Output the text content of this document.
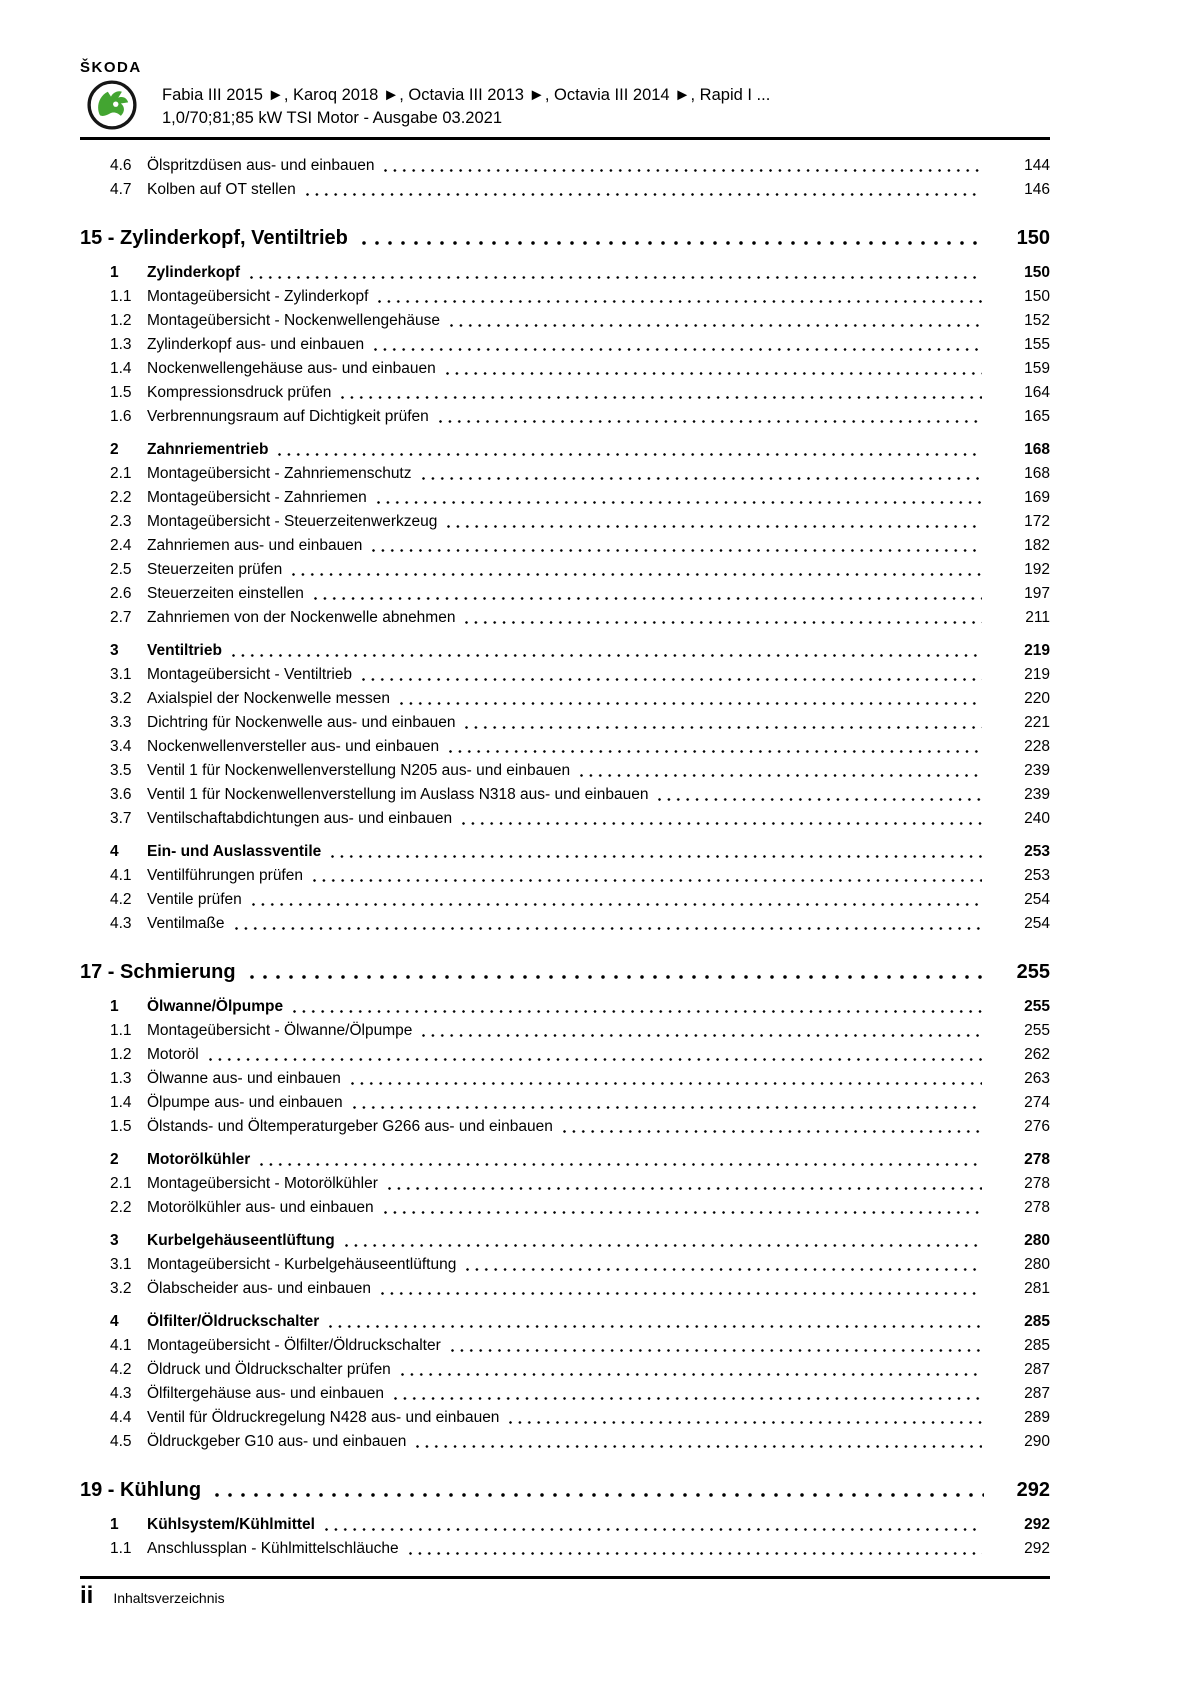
ŠKODA
Fabia III 2015 ►, Karoq 2018 ►, Octavia III 2013 ►, Octavia III 2014 ►, Rapid I ...
1,0/70;81;85 kW TSI Motor - Ausgabe 03.2021
4.6 Ölspritzdüsen aus- und einbauen	144
4.7 Kolben auf OT stellen	146
15 - Zylinderkopf, Ventiltrieb	150
1	Zylinderkopf	150
1.1 Montageübersicht - Zylinderkopf	150
1.2 Montageübersicht - Nockenwellengehäuse	152
1.3 Zylinderkopf aus- und einbauen	155
1.4 Nockenwellengehäuse aus- und einbauen	159
1.5 Kompressionsdruck prüfen	164
1.6 Verbrennungsraum auf Dichtigkeit prüfen	165
2	Zahnriementrieb	168
2.1 Montageübersicht - Zahnriemenschutz	168
2.2 Montageübersicht - Zahnriemen	169
2.3 Montageübersicht - Steuerzeitenwerkzeug	172
2.4 Zahnriemen aus- und einbauen	182
2.5 Steuerzeiten prüfen	192
2.6 Steuerzeiten einstellen	197
2.7 Zahnriemen von der Nockenwelle abnehmen	211
3	Ventiltrieb	219
3.1 Montageübersicht - Ventiltrieb	219
3.2 Axialspiel der Nockenwelle messen	220
3.3 Dichtring für Nockenwelle aus- und einbauen	221
3.4 Nockenwellenversteller aus- und einbauen	228
3.5 Ventil 1 für Nockenwellenverstellung N205 aus- und einbauen	239
3.6 Ventil 1 für Nockenwellenverstellung im Auslass N318 aus- und einbauen	239
3.7 Ventilschaftabdichtungen aus- und einbauen	240
4	Ein- und Auslassventile	253
4.1 Ventilführungen prüfen	253
4.2 Ventile prüfen	254
4.3 Ventilmaße	254
17 - Schmierung	255
1	Ölwanne/Ölpumpe	255
1.1 Montageübersicht - Ölwanne/Ölpumpe	255
1.2 Motoröl	262
1.3 Ölwanne aus- und einbauen	263
1.4 Ölpumpe aus- und einbauen	274
1.5 Ölstands- und Öltemperaturgeber G266 aus- und einbauen	276
2	Motorölkühler	278
2.1 Montageübersicht - Motorölkühler	278
2.2 Motorölkühler aus- und einbauen	278
3	Kurbelgehäuseentlüftung	280
3.1 Montageübersicht - Kurbelgehäuseentlüftung	280
3.2 Ölabscheider aus- und einbauen	281
4	Ölfilter/Öldruckschalter	285
4.1 Montageübersicht - Ölfilter/Öldruckschalter	285
4.2 Öldruck und Öldruckschalter prüfen	287
4.3 Ölfiltergehäuse aus- und einbauen	287
4.4 Ventil für Öldruckregelung N428 aus- und einbauen	289
4.5 Öldruckgeber G10 aus- und einbauen	290
19 - Kühlung	292
1	Kühlsystem/Kühlmittel	292
1.1 Anschlussplan - Kühlmittelschläuche	292
ii Inhaltsverzeichnis
